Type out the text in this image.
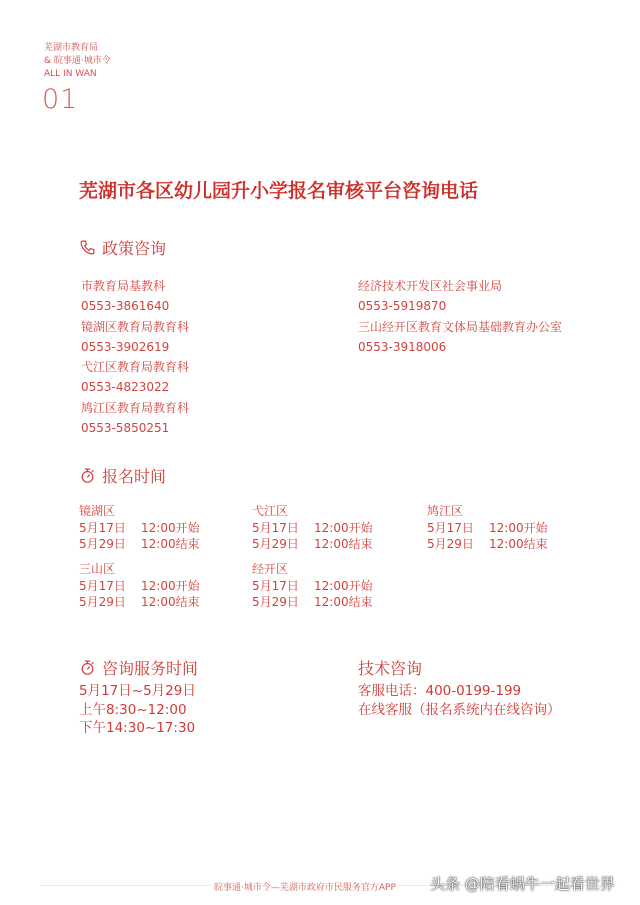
芜湖市教育局
& 皖事通·城市令
ALL IN WAN
01
芜湖市各区幼儿园升小学报名审核平台咨询电话
政策咨询
市教育局基教科
0553-3861640
镜湖区教育局教育科
0553-3902619
弋江区教育局教育科
0553-4823022
鸠江区教育局教育科
0553-5850251
经济技术开发区社会事业局
0553-5919870
三山经开区教育文体局基础教育办公室
0553-3918006
报名时间
镜湖区
5月17日 12:00开始
5月29日 12:00结束
弋江区
5月17日 12:00开始
5月29日 12:00结束
鸠江区
5月17日 12:00开始
5月29日 12:00结束
三山区
5月17日 12:00开始
5月29日 12:00结束
经开区
5月17日 12:00开始
5月29日 12:00结束
咨询服务时间
5月17日~5月29日
上午8:30~12:00
下午14:30~17:30
技术咨询
客服电话：400-0199-199
在线客服（报名系统内在线咨询）
皖事通·城市令—芜湖市政府市民服务官方APP 头条 @陪看蜗牛一起看世界
